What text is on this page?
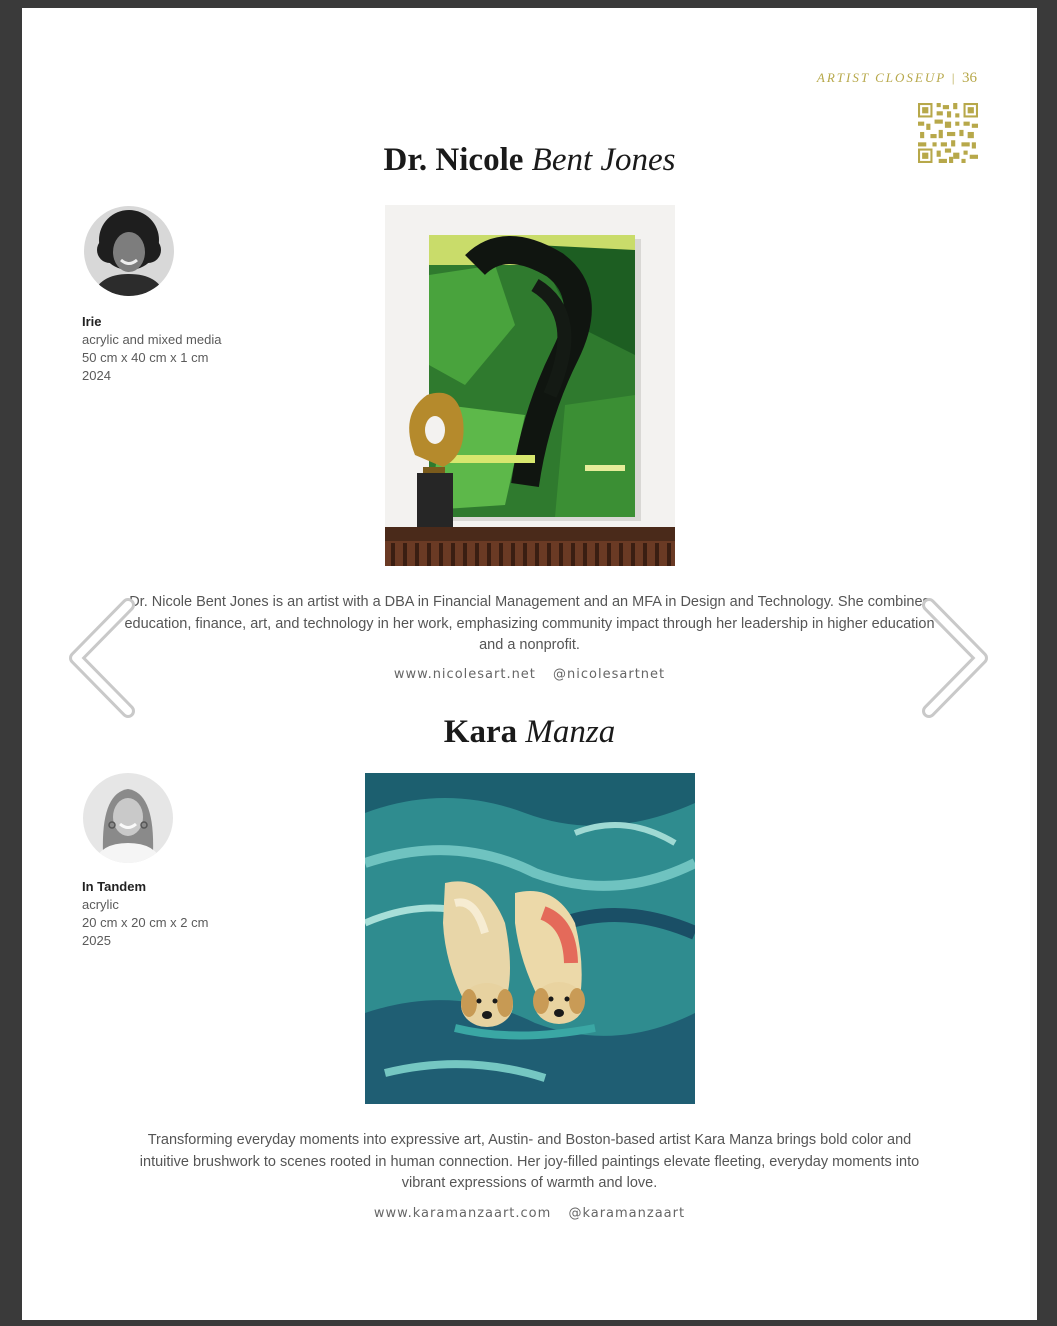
ARTIST CLOSEUP | 36
Dr. Nicole Bent Jones
Irie
acrylic and mixed media
50 cm x 40 cm x 1 cm
2024
Dr. Nicole Bent Jones is an artist with a DBA in Financial Management and an MFA in Design and Technology. She combines education, finance, art, and technology in her work, emphasizing community impact through her leadership in higher education and a nonprofit.
www.nicolesart.net @nicolesartnet
Kara Manza
In Tandem
acrylic
20 cm x 20 cm x 2 cm
2025
Transforming everyday moments into expressive art, Austin- and Boston-based artist Kara Manza brings bold color and intuitive brushwork to scenes rooted in human connection. Her joy-filled paintings elevate fleeting, everyday moments into vibrant expressions of warmth and love.
www.karamanzaart.com @karamanzaart
